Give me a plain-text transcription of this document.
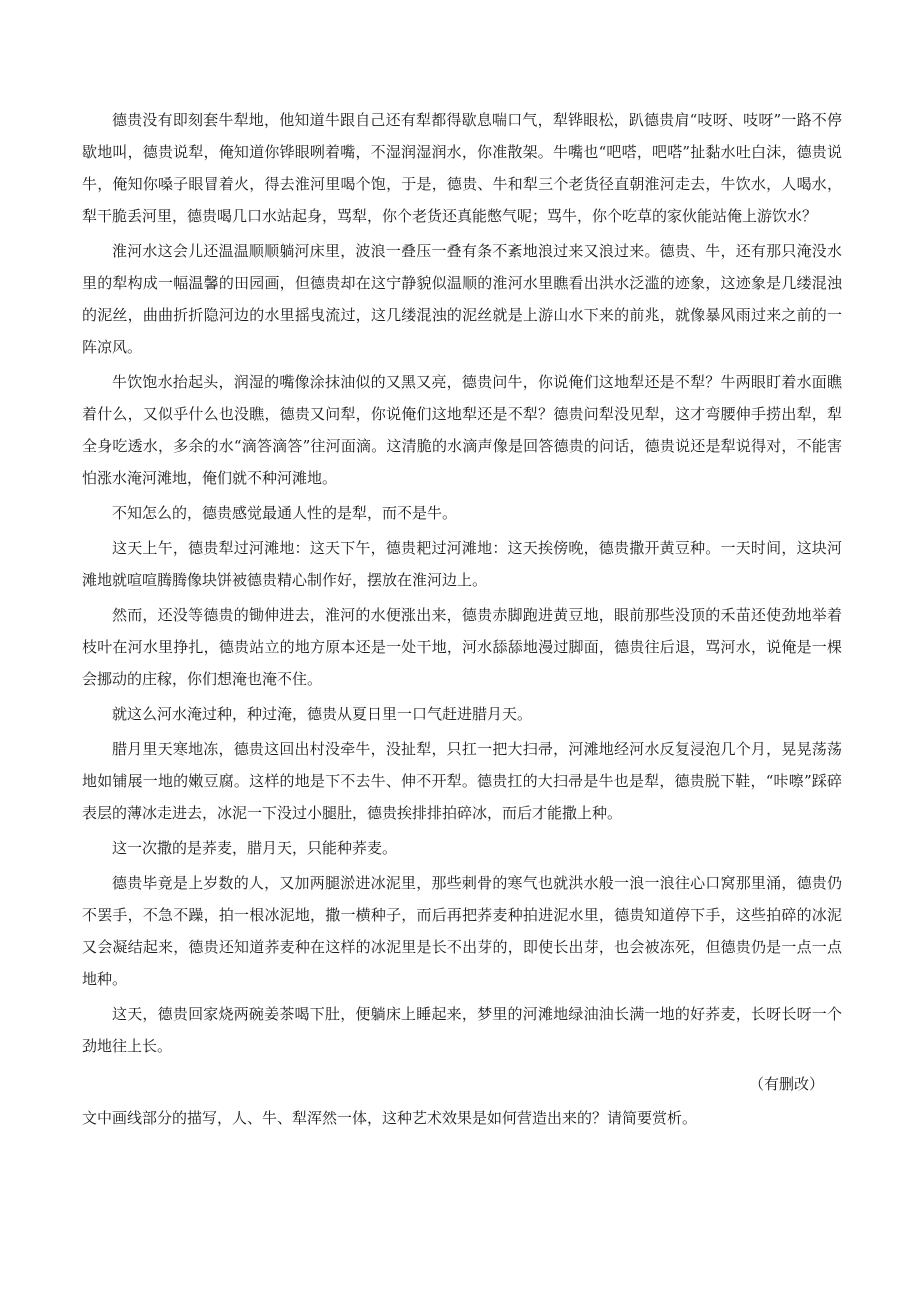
德贵没有即刻套牛犁地，他知道牛跟自己还有犁都得歇息喘口气，犁铧眼松，趴德贵肩“吱呀、吱呀”一路不停歇地叫，德贵说犁，俺知道你铧眼咧着嘴，不湿润湿润水，你准散架。牛嘴也“吧嗒，吧嗒”扯黏水吐白沫，德贵说牛，俺知你嗓子眼冒着火，得去淮河里喝个饱，于是，德贵、牛和犁三个老货径直朝淮河走去，牛饮水，人喝水，犁干脆丢河里，德贵喝几口水站起身，骂犁，你个老货还真能憋气呢；骂牛，你个吃草的家伙能站俺上游饮水？

淮河水这会儿还温温顺顺躺河床里，波浪一叠压一叠有条不紊地浪过来又浪过来。德贵、牛，还有那只淹没水里的犁构成一幅温馨的田园画，但德贵却在这宁静貌似温顺的淮河水里瞧看出洪水泛滥的迹象，这迹象是几缕混浊的泥丝，曲曲折折隐河边的水里摇曳流过，这几缕混浊的泥丝就是上游山水下来的前兆，就像暴风雨过来之前的一阵凉风。

牛饮饱水抬起头，润湿的嘴像涂抹油似的又黑又亮，德贵问牛，你说俺们这地犁还是不犁？牛两眼盯着水面瞧着什么，又似乎什么也没瞧，德贵又问犁，你说俺们这地犁还是不犁？德贵问犁没见犁，这才弯腰伸手捞出犁，犁全身吃透水，多余的水“滴答滴答”往河面滴。这清脆的水滴声像是回答德贵的问话，德贵说还是犁说得对，不能害怕涨水淹河滩地，俺们就不种河滩地。

不知怎么的，德贵感觉最通人性的是犁，而不是牛。

这天上午，德贵犁过河滩地：这天下午，德贵耙过河滩地：这天挨傍晚，德贵撒开黄豆种。一天时间，这块河滩地就喧喧腾腾像块饼被德贵精心制作好，摆放在淮河边上。

然而，还没等德贵的锄伸进去，淮河的水便涨出来，德贵赤脚跑进黄豆地，眼前那些没顶的禾苗还使劲地举着枝叶在河水里挣扎，德贵站立的地方原本还是一处干地，河水舔舔地漫过脚面，德贵往后退，骂河水，说俺是一棵会挪动的庄稼，你们想淹也淹不住。

就这么河水淹过种，种过淹，德贵从夏日里一口气赶进腊月天。

腊月里天寒地冻，德贵这回出村没牵牛，没扯犁，只扛一把大扫帚，河滩地经河水反复浸泡几个月，晃晃荡荡地如铺展一地的嫩豆腐。这样的地是下不去牛、伸不开犁。德贵扛的大扫帚是牛也是犁，德贵脱下鞋，“咔嚓”踩碎表层的薄冰走进去，冰泥一下没过小腿肚，德贵挨排排拍碎冰，而后才能撒上种。

这一次撒的是荞麦，腊月天，只能种荞麦。

德贵毕竟是上岁数的人，又加两腿淤进冰泥里，那些刺骨的寒气也就洪水般一浪一浪往心口窝那里涌，德贵仍不罢手，不急不躁，拍一根冰泥地，撒一横种子，而后再把荞麦种拍进泥水里，德贵知道停下手，这些拍碎的冰泥又会凝结起来，德贵还知道荞麦种在这样的冰泥里是长不出芽的，即使长出芽，也会被冻死，但德贵仍是一点一点地种。

这天，德贵回家烧两碗姜茶喝下肚，便躺床上睡起来，梦里的河滩地绿油油长满一地的好荞麦，长呀长呀一个劲地往上长。

（有删改）

文中画线部分的描写，人、牛、犁浑然一体，这种艺术效果是如何营造出来的？请简要赏析。
